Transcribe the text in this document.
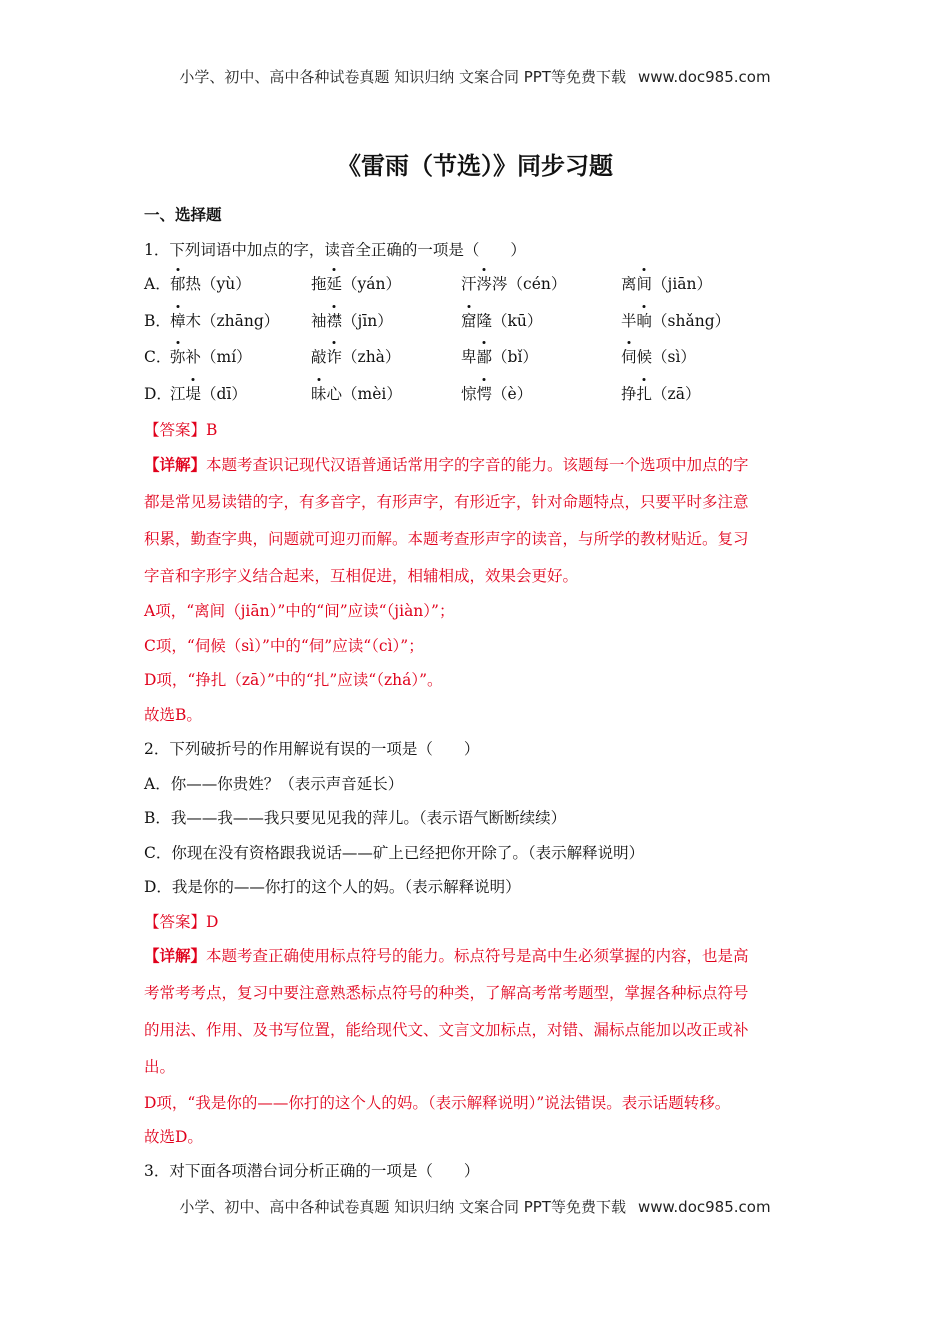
小学、初中、高中各种试卷真题 知识归纳 文案合同 PPT等免费下载 www.doc985.com
《雷雨（节选）》同步习题
一、选择题
1．下列词语中加点的字，读音全正确的一项是（　　）
A． 郁热（yù）	拖延（yán）	汗涔涔（cén）	离间（jiān）
B． 樟木（zhāng） 袖襟（jīn）	窟隆（kū）	半晌（shǎng）
C．
弥补（mí）	敲诈（zhà）	卑鄙（bǐ）	伺候（sì）
D．
江堤（dī）	昧心（mèi）	惊愕（è）	挣扎（zā）
【答案】B
【详解】本题考查识记现代汉语普通话常用字的字音的能力。该题每一个选项中加点的字
都是常见易读错的字，有多音字，有形声字，有形近字，针对命题特点，只要平时多注意
积累，勤查字典，问题就可迎刃而解。本题考查形声字的读音，与所学的教材贴近。复习
字音和字形字义结合起来，互相促进，相辅相成，效果会更好。
A项，“离间（jiān）”中的“间”应读“（jiàn）”；
C项，“伺候（sì）”中的“伺”应读“（cì）”；
D项，“挣扎（zā）”中的“扎”应读“（zhá）”。
故选B。
2．下列破折号的作用解说有误的一项是（　　）
A．你——你贵姓？（表示声音延长）
B．我——我——我只要见见我的萍儿。（表示语气断断续续）
C．你现在没有资格跟我说话——矿上已经把你开除了。（表示解释说明）
D．我是你的——你打的这个人的妈。（表示解释说明）
【答案】D
【详解】本题考查正确使用标点符号的能力。标点符号是高中生必须掌握的内容，也是高
考常考考点，复习中要注意熟悉标点符号的种类，了解高考常考题型，掌握各种标点符号
的用法、作用、及书写位置，能给现代文、文言文加标点，对错、漏标点能加以改正或补
出。
D项，“我是你的——你打的这个人的妈。（表示解释说明）”说法错误。表示话题转移。
故选D。
3．对下面各项潜台词分析正确的一项是（　　）
小学、初中、高中各种试卷真题 知识归纳 文案合同 PPT等免费下载 www.doc985.com
